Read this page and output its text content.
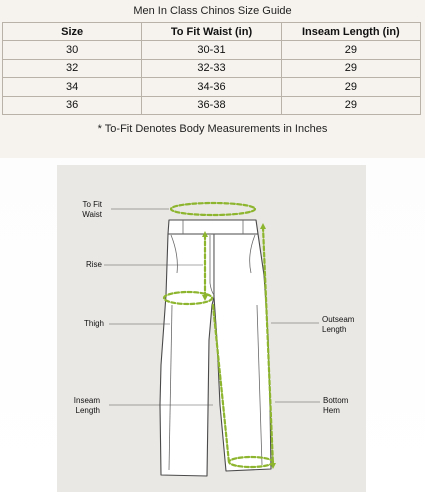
Men In Class Chinos Size Guide
Size	To Fit Waist (in)	Inseam Length (in)
30	30-31	29
32	32-33	29
34	34-36	29
36	36-38	29
* To-Fit Denotes Body Measurements in Inches
To Fit
Waist
Rise
Thigh
Inseam
Length
Outseam
Length
Bottom
Hem
